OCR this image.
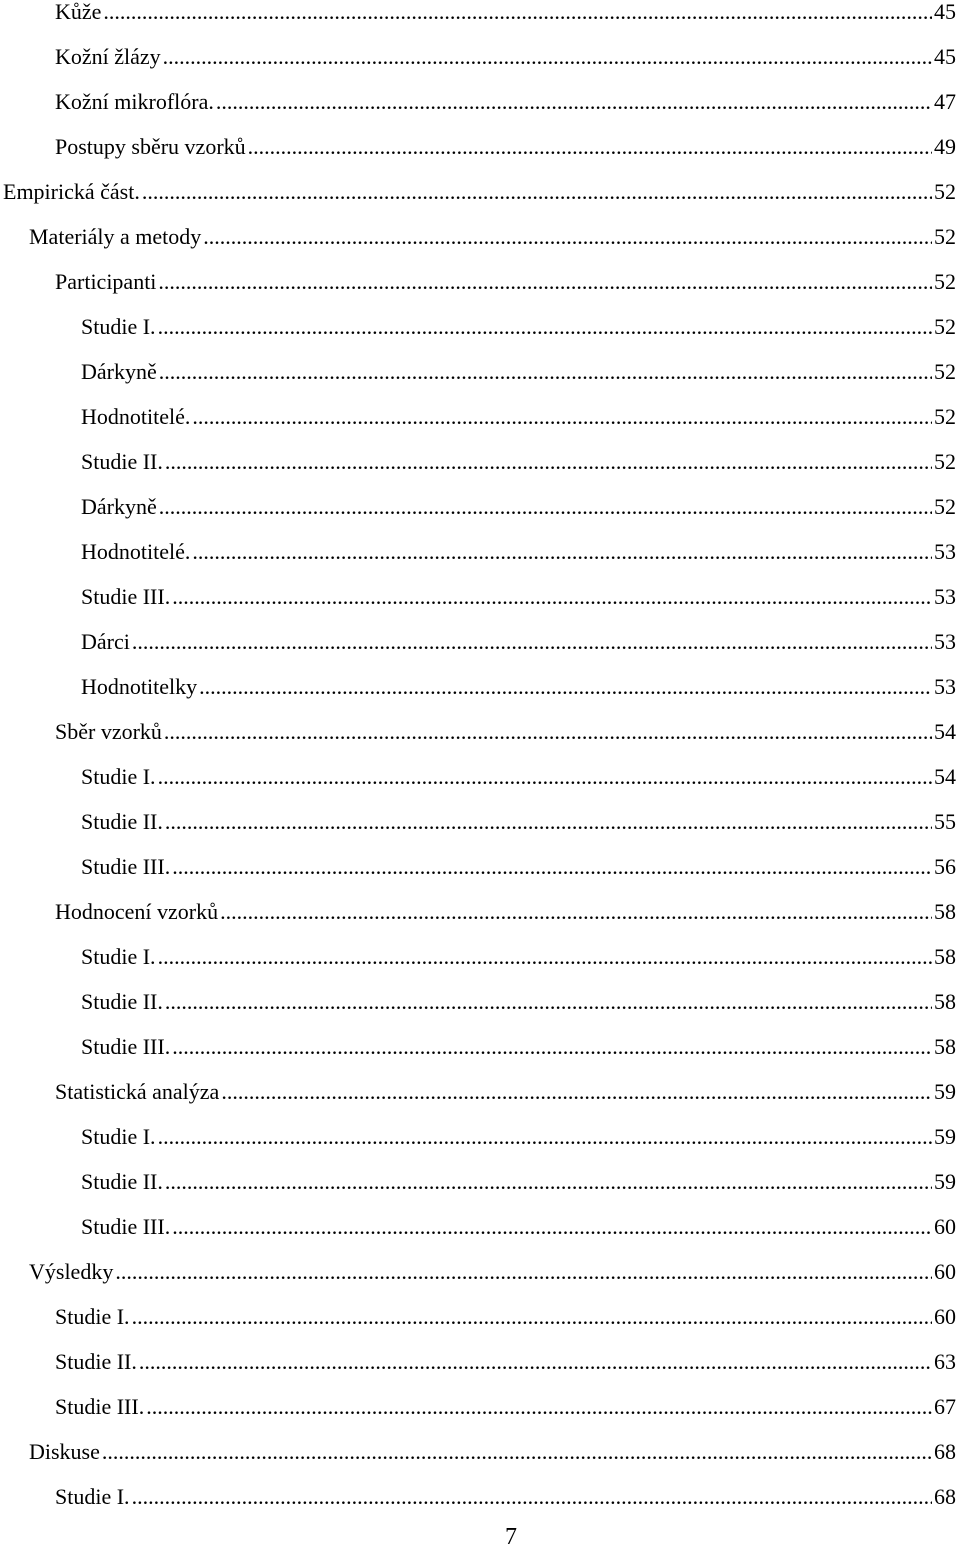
Kůže .....	45
Kožní žlázy .....	45
Kožní mikroflóra. .....	47
Postupy sběru vzorků .....	49
Empirická část. .....	52
Materiály a metody .....	52
Participanti .....	52
Studie I. .....	52
Dárkyně .....	52
Hodnotitelé. .....	52
Studie II. .....	52
Dárkyně .....	52
Hodnotitelé. .....	53
Studie III. .....	53
Dárci .....	53
Hodnotitelky .....	53
Sběr vzorků .....	54
Studie I. .....	54
Studie II. .....	55
Studie III. .....	56
Hodnocení vzorků .....	58
Studie I. .....	58
Studie II. .....	58
Studie III. .....	58
Statistická analýza .....	59
Studie I. .....	59
Studie II. .....	59
Studie III. .....	60
Výsledky .....	60
Studie I. .....	60
Studie II. .....	63
Studie III. .....	67
Diskuse .....	68
Studie I. .....	68
7
